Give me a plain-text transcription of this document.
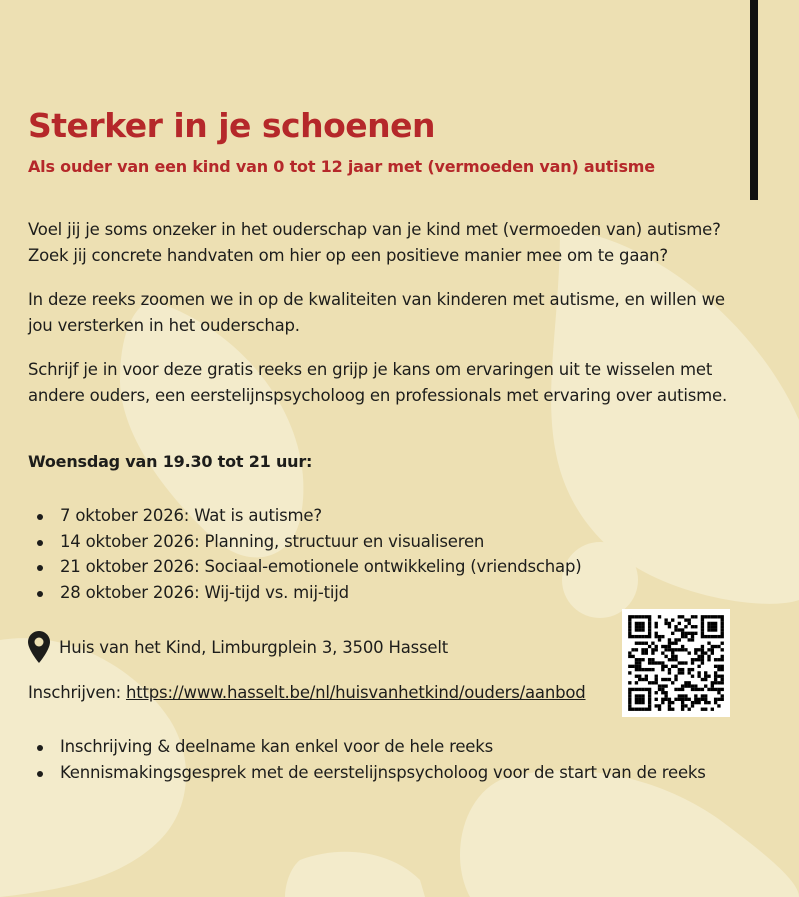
Sterker in je schoenen

Als ouder van een kind van 0 tot 12 jaar met (vermoeden van) autisme

Voel jij je soms onzeker in het ouderschap van je kind met (vermoeden van) autisme? Zoek jij concrete handvaten om hier op een positieve manier mee om te gaan?

In deze reeks zoomen we in op de kwaliteiten van kinderen met autisme, en willen we jou versterken in het ouderschap.

Schrijf je in voor deze gratis reeks en grijp je kans om ervaringen uit te wisselen met andere ouders, een eerstelijnspsycholoog en professionals met ervaring over autisme.

Woensdag van 19.30 tot 21 uur:

7 oktober 2026: Wat is autisme?
14 oktober 2026: Planning, structuur en visualiseren
21 oktober 2026: Sociaal-emotionele ontwikkeling (vriendschap)
28 oktober 2026: Wij-tijd vs. mij-tijd
Huis van het Kind, Limburgplein 3, 3500 Hasselt
Inschrijven: https://www.hasselt.be/nl/huisvanhetkind/ouders/aanbod
Inschrijving & deelname kan enkel voor de hele reeks
Kennismakingsgesprek met de eerstelijnspsycholoog voor de start van de reeks
